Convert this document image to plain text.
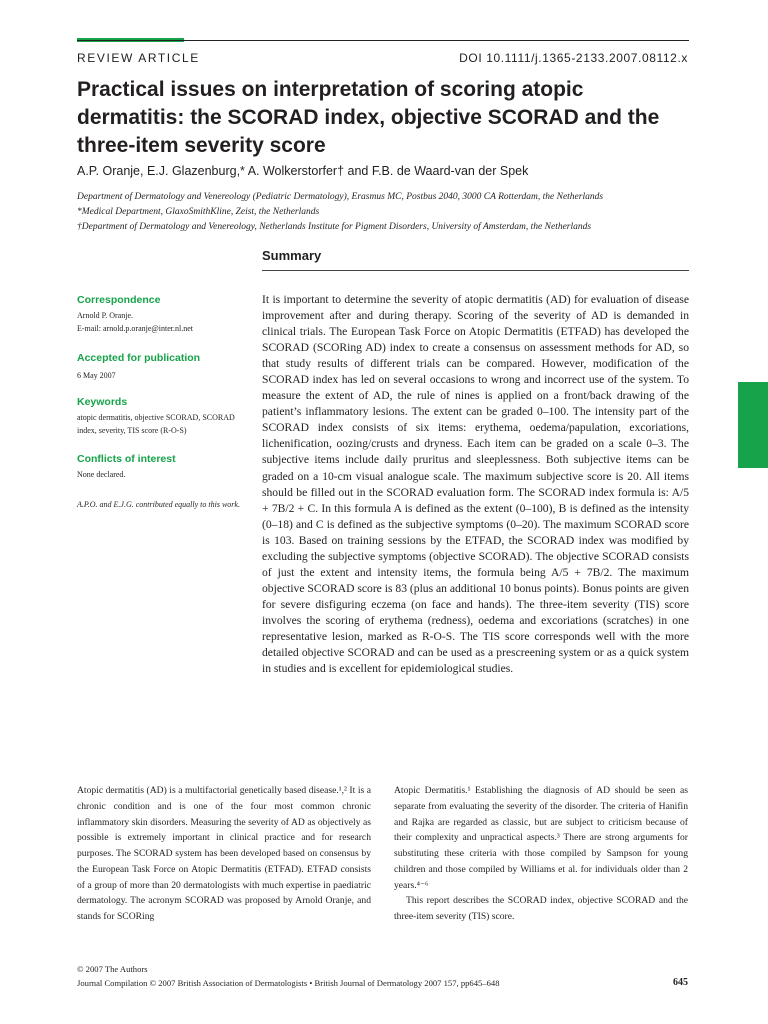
REVIEW ARTICLE	DOI 10.1111/j.1365-2133.2007.08112.x
Practical issues on interpretation of scoring atopic dermatitis: the SCORAD index, objective SCORAD and the three-item severity score
A.P. Oranje, E.J. Glazenburg,* A. Wolkerstorfer† and F.B. de Waard-van der Spek
Department of Dermatology and Venereology (Pediatric Dermatology), Erasmus MC, Postbus 2040, 3000 CA Rotterdam, the Netherlands
*Medical Department, GlaxoSmithKline, Zeist, the Netherlands
†Department of Dermatology and Venereology, Netherlands Institute for Pigment Disorders, University of Amsterdam, the Netherlands
Summary
Correspondence

Arnold P. Oranje.

E-mail: arnold.p.oranje@inter.nl.net

Accepted for publication
6 May 2007
Keywords
atopic dermatitis, objective SCORAD, SCORAD index, severity, TIS score (R-O-S)
Conflicts of interest
None declared.
A.P.O. and E.J.G. contributed equally to this work.

It is important to determine the severity of atopic dermatitis (AD) for evaluation of disease improvement after and during therapy. Scoring of the severity of AD is demanded in clinical trials. The European Task Force on Atopic Dermatitis (ETFAD) has developed the SCORAD (SCORing AD) index to create a consensus on assessment methods for AD, so that study results of different trials can be compared. However, modification of the SCORAD index has led on several occasions to wrong and incorrect use of the system. To measure the extent of AD, the rule of nines is applied on a front/back drawing of the patient’s inflammatory lesions. The extent can be graded 0–100. The intensity part of the SCORAD index consists of six items: erythema, oedema/papulation, excoriations, lichenification, oozing/crusts and dryness. Each item can be graded on a scale 0–3. The subjective items include daily pruritus and sleeplessness. Both subjective items can be graded on a 10-cm visual analogue scale. The maximum subjective score is 20. All items should be filled out in the SCORAD evaluation form. The SCORAD index formula is: A/5 + 7B/2 + C. In this formula A is defined as the extent (0–100), B is defined as the intensity (0–18) and C is defined as the subjective symptoms (0–20). The maximum SCORAD score is 103. Based on training sessions by the ETFAD, the SCORAD index was modified by excluding the subjective symptoms (objective SCORAD). The objective SCORAD consists of just the extent and intensity items, the formula being A/5 + 7B/2. The maximum objective SCORAD score is 83 (plus an additional 10 bonus points). Bonus points are given for severe disfiguring eczema (on face and hands). The three-item severity (TIS) score involves the scoring of erythema (redness), oedema and excoriations (scratches) in one representative lesion, marked as R-O-S. The TIS score corresponds well with the more detailed objective SCORAD and can be used as a prescreening system or as a quick system in studies and is excellent for epidemiological studies.

Atopic dermatitis (AD) is a multifactorial genetically based disease.¹,² It is a chronic condition and is one of the four most common chronic inflammatory skin disorders. Measuring the severity of AD as objectively as possible is extremely important in clinical practice and for research purposes. The SCORAD system has been developed based on consensus by the European Task Force on Atopic Dermatitis (ETFAD). ETFAD consists of a group of more than 20 dermatologists with much expertise in paediatric dermatology. The acronym SCORAD was proposed by Arnold Oranje, and stands for SCORing

Atopic Dermatitis.¹ Establishing the diagnosis of AD should be seen as separate from evaluating the severity of the disorder. The criteria of Hanifin and Rajka are regarded as classic, but are subject to criticism because of their complexity and unpractical aspects.³ There are strong arguments for substituting these criteria with those compiled by Sampson for young children and those compiled by Williams et al. for individuals older than 2 years.⁴⁻⁶

This report describes the SCORAD index, objective SCORAD and the three-item severity (TIS) score.

© 2007 The Authors
Journal Compilation © 2007 British Association of Dermatologists • British Journal of Dermatology 2007 157, pp645–648	645
